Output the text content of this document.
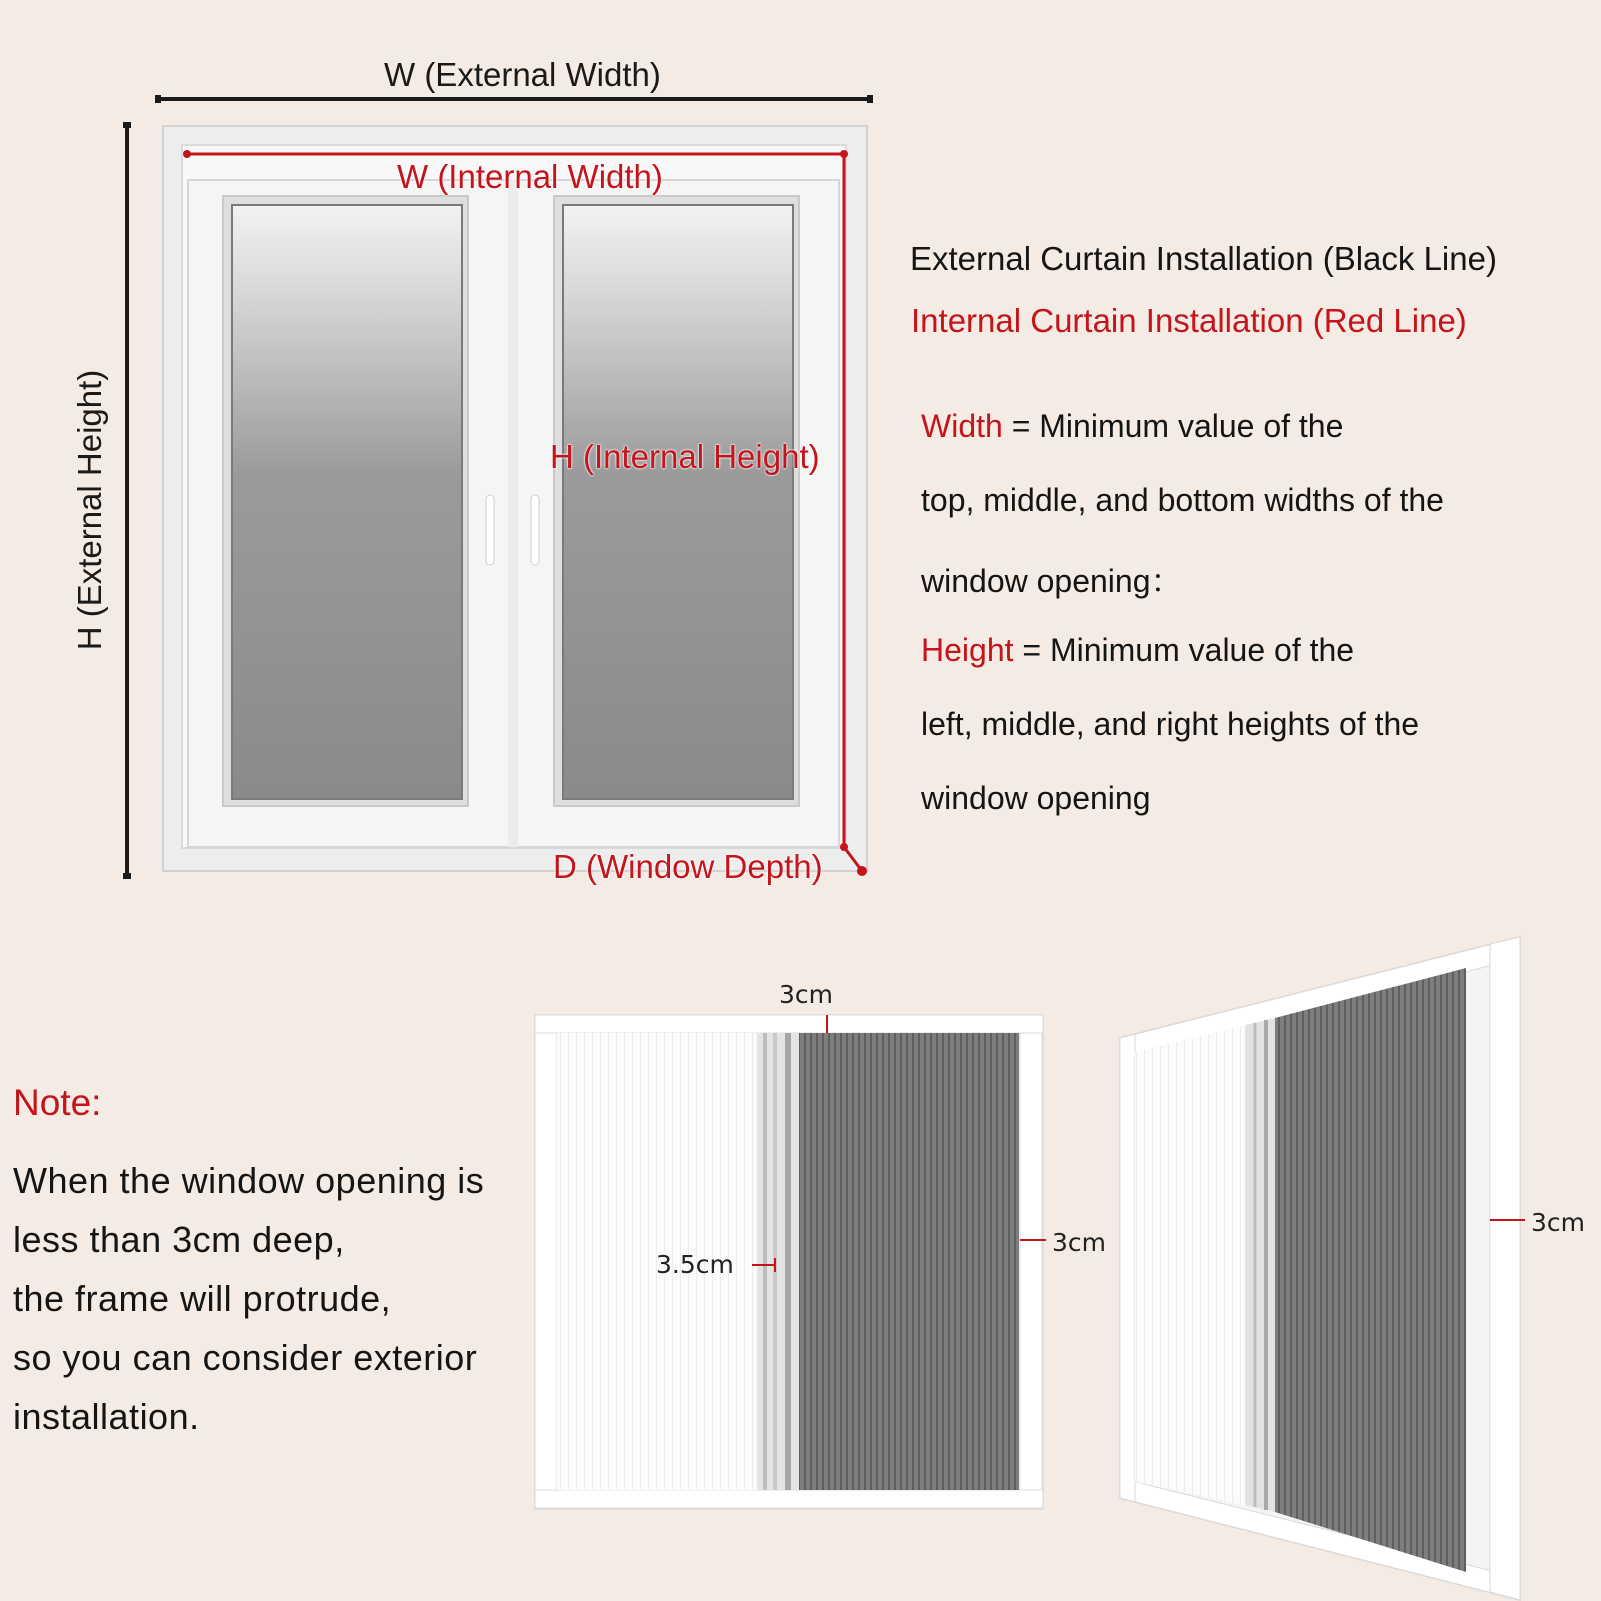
W (External Width)
W (Internal Width)
H (Internal Height)
H (External Height)
D (Window Depth)
External Curtain Installation (Black Line)
Internal Curtain Installation (Red Line)
Width = Minimum value of the
top, middle, and bottom widths of the
window opening：
Height = Minimum value of the
left, middle, and right heights of the
window opening
Note:
When the window opening is
less than 3cm deep,
the frame will protrude,
so you can consider exterior
installation.
3cm
3.5cm
3cm
3cm
